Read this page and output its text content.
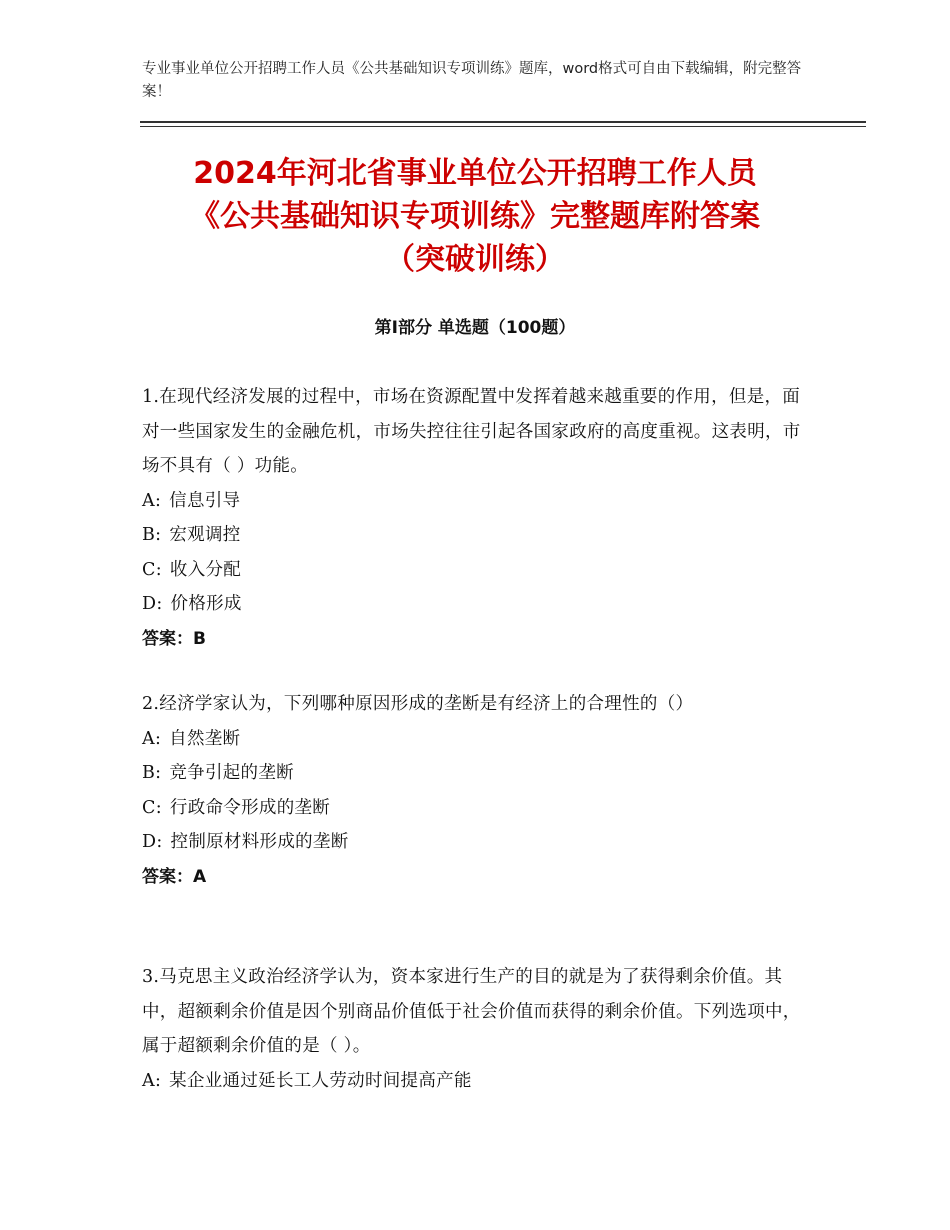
专业事业单位公开招聘工作人员《公共基础知识专项训练》题库，word格式可自由下载编辑，附完整答案！
2024年河北省事业单位公开招聘工作人员
《公共基础知识专项训练》完整题库附答案
（突破训练）
第Ⅰ部分 单选题（100题）

1.在现代经济发展的过程中，市场在资源配置中发挥着越来越重要的作用，但是，面对一些国家发生的金融危机，市场失控往往引起各国家政府的高度重视。这表明，市场不具有（ ）功能。

A: 信息引导

B: 宏观调控

C: 收入分配

D: 价格形成

答案：B

2.经济学家认为，下列哪种原因形成的垄断是有经济上的合理性的（）

A: 自然垄断

B: 竞争引起的垄断

C: 行政命令形成的垄断

D: 控制原材料形成的垄断

答案：A

3.马克思主义政治经济学认为，资本家进行生产的目的就是为了获得剩余价值。其中，超额剩余价值是因个别商品价值低于社会价值而获得的剩余价值。下列选项中，属于超额剩余价值的是（ ）。

A: 某企业通过延长工人劳动时间提高产能
